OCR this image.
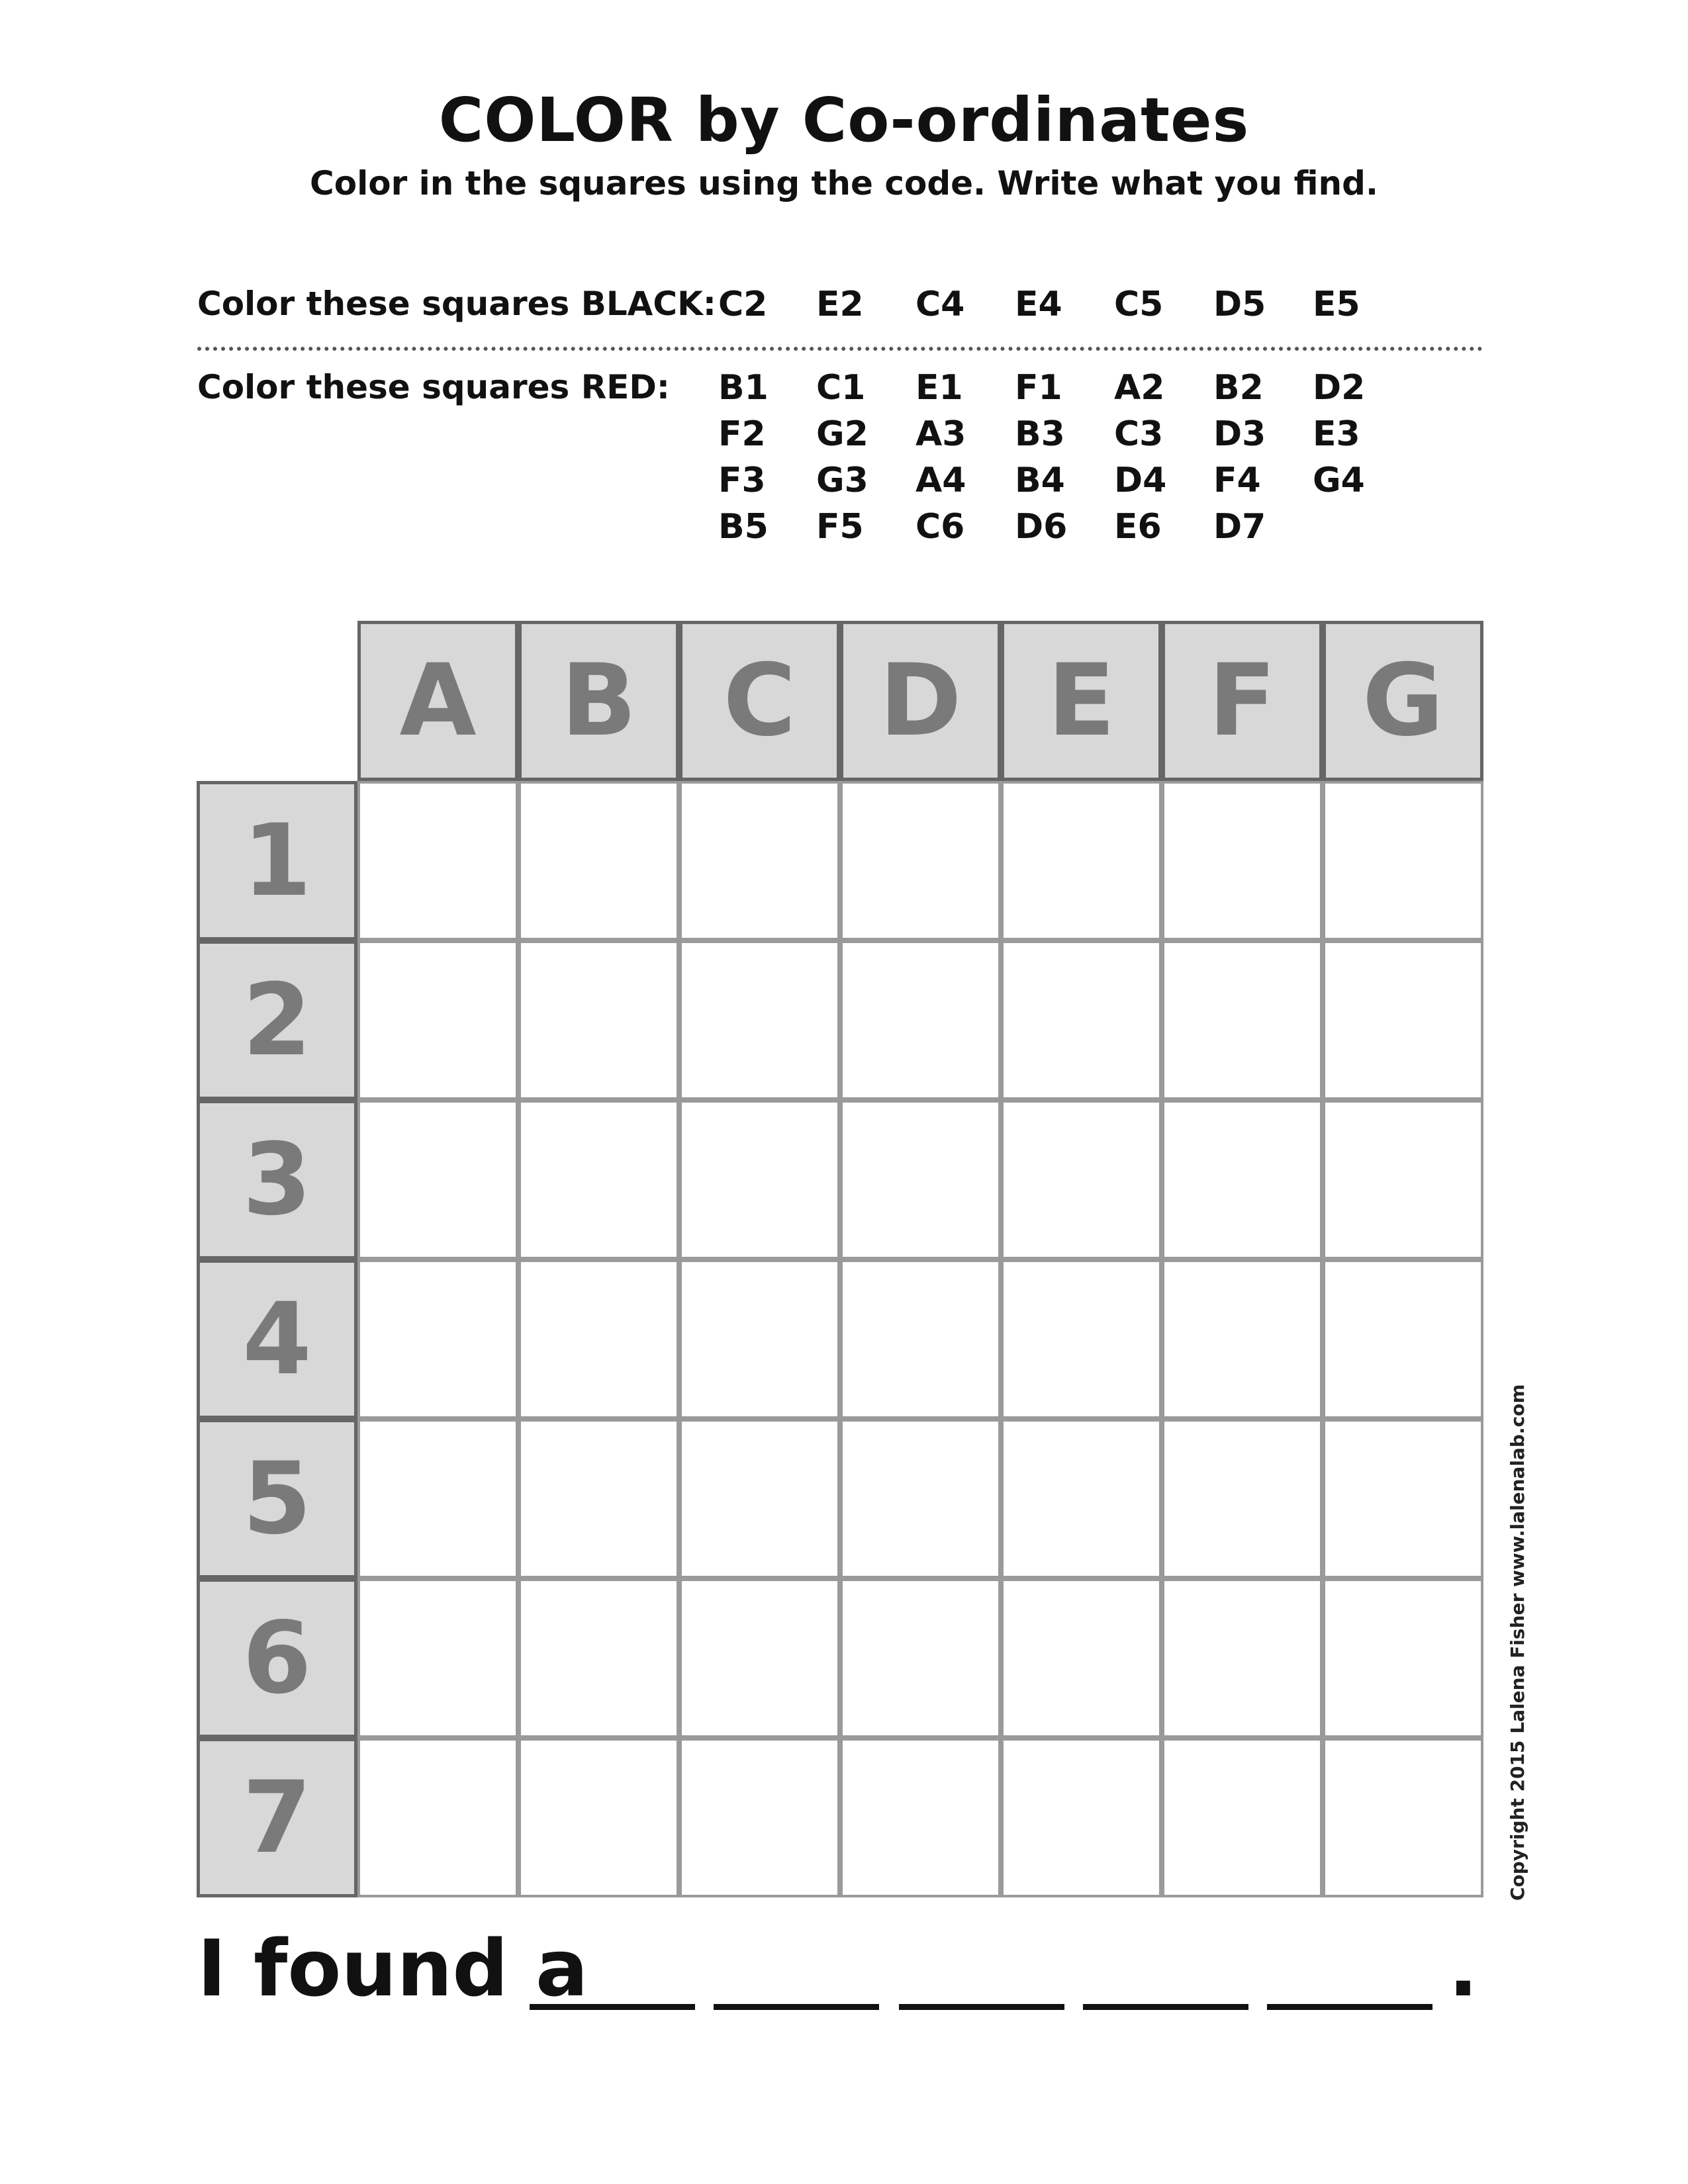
COLOR by Co-ordinates
Color in the squares using the code. Write what you find.
Color these squares BLACK: C2 E2 C4 E4 C5 D5 E5
Color these squares RED: B1 C1 E1 F1 A2 B2 D2
F2 G2 A3 B3 C3 D3 E3
F3 G3 A4 B4 D4 F4 G4
B5 F5 C6 D6 E6 D7
A B C D E F G
1
2
3
4
5
6
7
I found a	.
Copyright 2015 Lalena Fisher www.lalenalab.com
